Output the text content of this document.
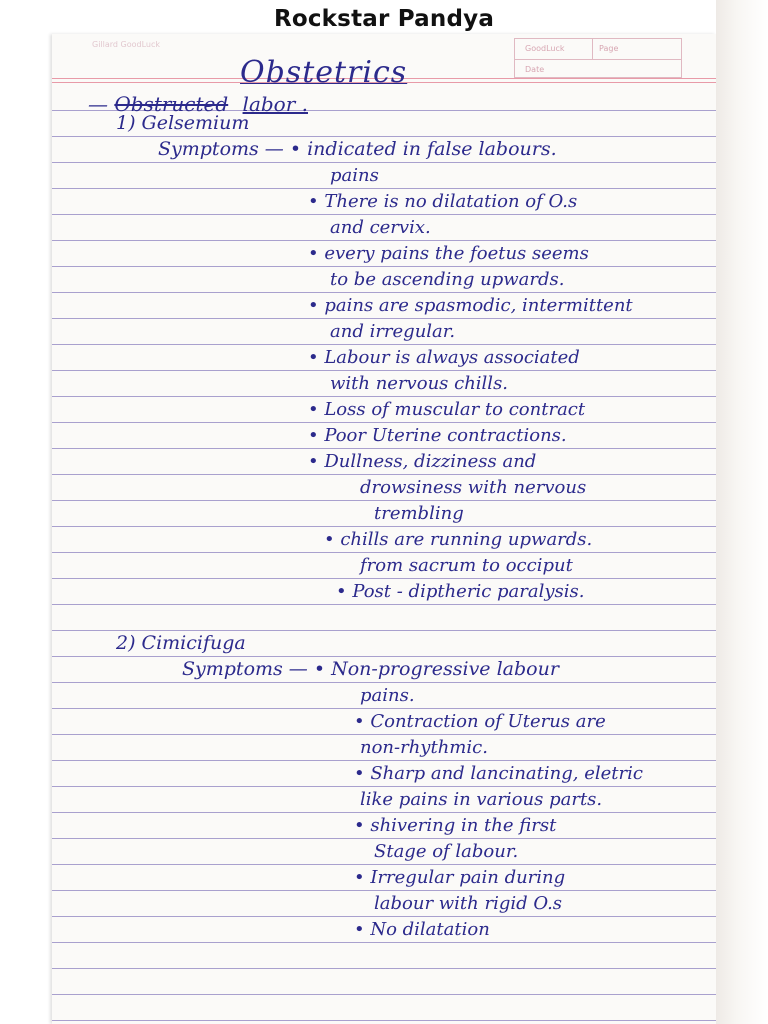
Rockstar Pandya
Gillard GoodLuck	GoodLuck	Page
Date
Obstetrics
— Obstructed labor .
1) Gelsemium
Symptoms — • indicated in false labours.
pains
• There is no dilatation of O.s
and cervix.
• every pains the foetus seems
to be ascending upwards.
• pains are spasmodic, intermittent
and irregular.
• Labour is always associated
with nervous chills.
• Loss of muscular to contract
• Poor Uterine contractions.
• Dullness, dizziness and
drowsiness with nervous
trembling
• chills are running upwards.
from sacrum to occiput
• Post - diptheric paralysis.
2) Cimicifuga
Symptoms — • Non-progressive labour
pains.
• Contraction of Uterus are
non-rhythmic.
• Sharp and lancinating, eletric
like pains in various parts.
• shivering in the first
Stage of labour.
• Irregular pain during
labour with rigid O.s
• No dilatation
